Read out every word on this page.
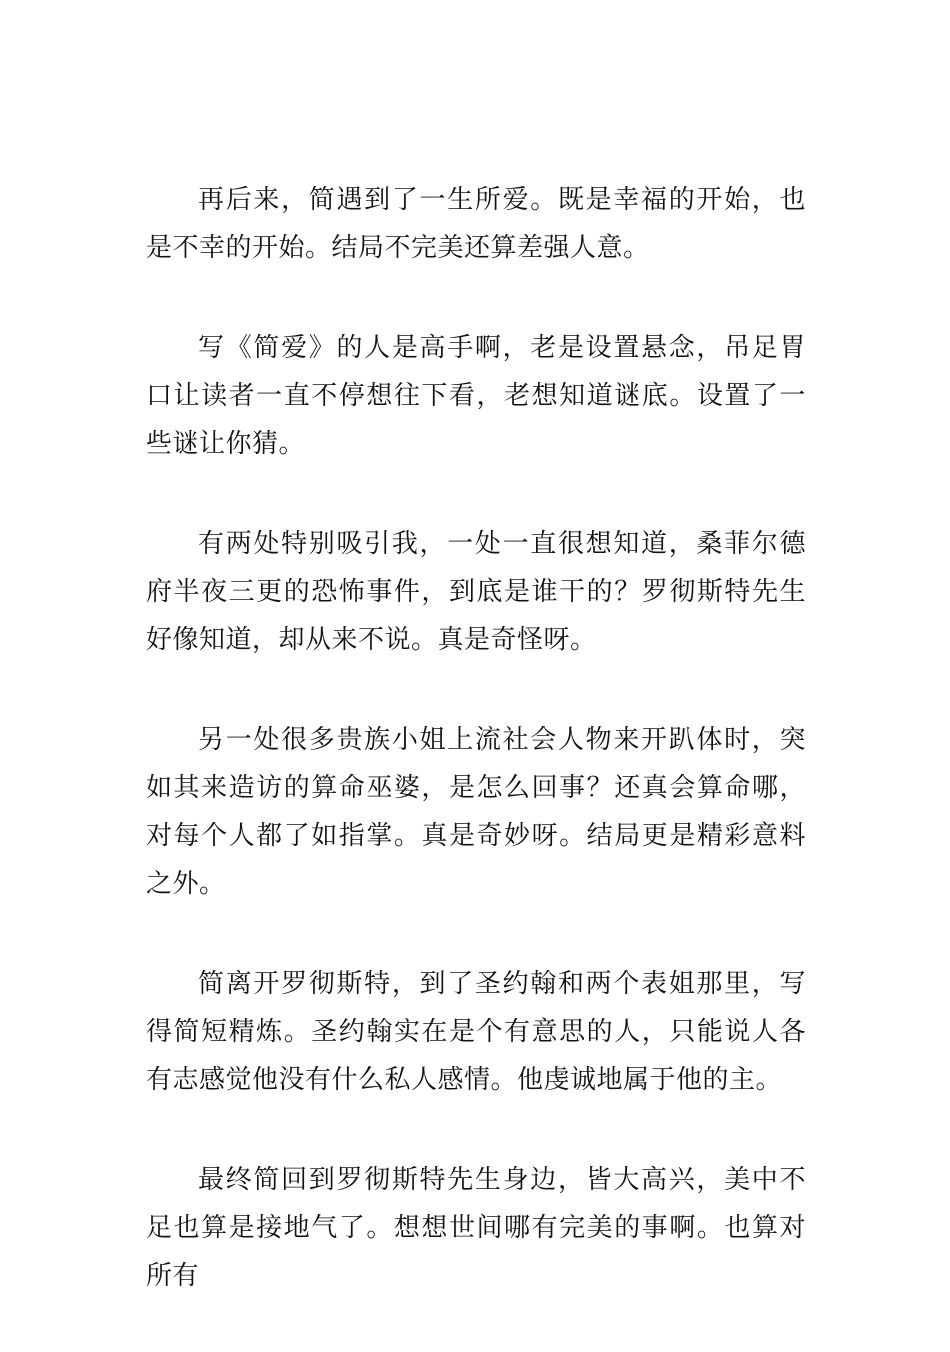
再后来，简遇到了一生所爱。既是幸福的开始，也是不幸的开始。结局不完美还算差强人意。

写《简爱》的人是高手啊，老是设置悬念，吊足胃口让读者一直不停想往下看，老想知道谜底。设置了一些谜让你猜。

有两处特别吸引我，一处一直很想知道，桑菲尔德府半夜三更的恐怖事件，到底是谁干的？罗彻斯特先生好像知道，却从来不说。真是奇怪呀。

另一处很多贵族小姐上流社会人物来开趴体时，突如其来造访的算命巫婆，是怎么回事？还真会算命哪，对每个人都了如指掌。真是奇妙呀。结局更是精彩意料之外。

简离开罗彻斯特，到了圣约翰和两个表姐那里，写得简短精炼。圣约翰实在是个有意思的人，只能说人各有志感觉他没有什么私人感情。他虔诚地属于他的主。

最终简回到罗彻斯特先生身边，皆大高兴，美中不足也算是接地气了。想想世间哪有完美的事啊。也算对所有
